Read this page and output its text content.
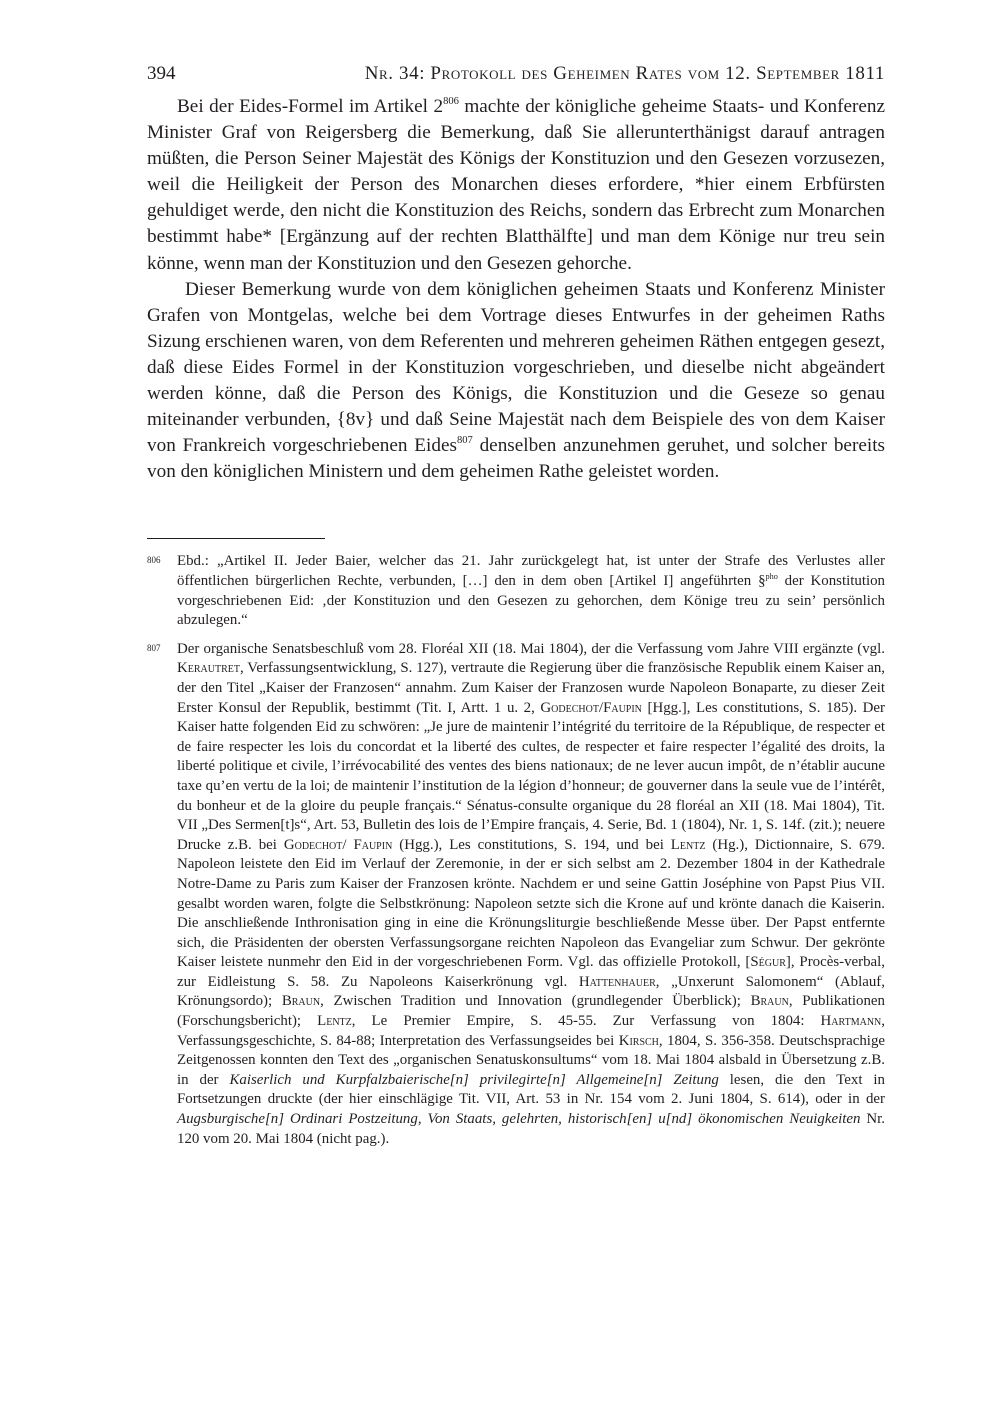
394	Nr. 34: Protokoll des Geheimen Rates vom 12. September 1811

Bei der Eides-Formel im Artikel $2^{806}$ machte der königliche geheime Staats- und Konferenz Minister Graf von Reigersberg die Bemerkung, daß Sie allerunterthänigst darauf antragen müßten, die Person Seiner Majestät des Königs der Konstituzion und den Gesezen vorzusezen, weil die Heiligkeit der Person des Monarchen dieses erfordere, *hier einem Erbfürsten gehuldiget werde, den nicht die Konstituzion des Reichs, sondern das Erbrecht zum Monarchen bestimmt habe* [Ergänzung auf der rechten Blatthälfte] und man dem Könige nur treu sein könne, wenn man der Konstituzion und den Gesezen gehorche.

Dieser Bemerkung wurde von dem königlichen geheimen Staats und Konferenz Minister Grafen von Montgelas, welche bei dem Vortrage dieses Entwurfes in der geheimen Raths Sizung erschienen waren, von dem Referenten und mehreren geheimen Räthen entgegen gesezt, daß diese Eides Formel in der Konstituzion vorgeschrieben, und dieselbe nicht abgeändert werden könne, daß die Person des Königs, die Konstituzion und die Geseze so genau miteinander verbunden, {8v} und daß Seine Majestät nach dem Beispiele des von dem Kaiser von Frankreich vorgeschriebenen Eides$^{807}$ denselben anzunehmen geruhet, und solcher bereits von den königlichen Ministern und dem geheimen Rathe geleistet worden.

806	Ebd.: „Artikel II. Jeder Baier, welcher das 21. Jahr zurückgelegt hat, ist unter der Strafe des Verlustes aller öffentlichen bürgerlichen Rechte, verbunden, […] den in dem oben [Artikel I] angeführten §$^{pho}$ der Konstitution vorgeschriebenen Eid: ‚der Konstituzion und den Gesezen zu gehorchen, dem Könige treu zu sein’ persönlich abzulegen.“
807	Der organische Senatsbeschluß vom 28. Floréal XII (18. Mai 1804), der die Verfassung vom Jahre VIII ergänzte (vgl. Kerautret, Verfassungsentwicklung, S. 127), vertraute die Regierung über die französische Republik einem Kaiser an, der den Titel „Kaiser der Franzosen“ annahm. Zum Kaiser der Franzosen wurde Napoleon Bonaparte, zu dieser Zeit Erster Konsul der Republik, bestimmt (Tit. I, Artt. 1 u. 2, Godechot/Faupin [Hgg.], Les constitutions, S. 185). Der Kaiser hatte folgenden Eid zu schwören: „Je jure de maintenir l’intégrité du territoire de la République, de respecter et de faire respecter les lois du concordat et la liberté des cultes, de respecter et faire respecter l’égalité des droits, la liberté politique et civile, l’irrévocabilité des ventes des biens nationaux; de ne lever aucun impôt, de n’établir aucune taxe qu’en vertu de la loi; de maintenir l’institution de la légion d’honneur; de gouverner dans la seule vue de l’intérêt, du bonheur et de la gloire du peuple français.“ Sénatus-consulte organique du 28 floréal an XII (18. Mai 1804), Tit. VII „Des Sermen[t]s“, Art. 53, Bulletin des lois de l’Empire français, 4. Serie, Bd. 1 (1804), Nr. 1, S. 14f. (zit.); neuere Drucke z.B. bei Godechot/ Faupin (Hgg.), Les constitutions, S. 194, und bei Lentz (Hg.), Dictionnaire, S. 679. Napoleon leistete den Eid im Verlauf der Zeremonie, in der er sich selbst am 2. Dezember 1804 in der Kathedrale Notre-Dame zu Paris zum Kaiser der Franzosen krönte. Nachdem er und seine Gattin Joséphine von Papst Pius VII. gesalbt worden waren, folgte die Selbstkrönung: Napoleon setzte sich die Krone auf und krönte danach die Kaiserin. Die anschließende Inthronisation ging in eine die Krönungsliturgie beschließende Messe über. Der Papst entfernte sich, die Präsidenten der obersten Verfassungsorgane reichten Napoleon das Evangeliar zum Schwur. Der gekrönte Kaiser leistete nunmehr den Eid in der vorgeschriebenen Form. Vgl. das offizielle Protokoll, [Ségur], Procès-verbal, zur Eidleistung S. 58. Zu Napoleons Kaiserkrönung vgl. Hattenhauer, „Unxerunt Salomonem“ (Ablauf, Krönungsordo); Braun, Zwischen Tradition und Innovation (grundlegender Überblick); Braun, Publikationen (Forschungsbericht); Lentz, Le Premier Empire, S. 45-55. Zur Verfassung von 1804: Hartmann, Verfassungsgeschichte, S. 84-88; Interpretation des Verfassungseides bei Kirsch, 1804, S. 356-358. Deutschsprachige Zeitgenossen konnten den Text des „organischen Senatuskonsultums“ vom 18. Mai 1804 alsbald in Übersetzung z.B. in der Kaiserlich und Kurpfalzbaierische[n] privilegirte[n] Allgemeine[n] Zeitung lesen, die den Text in Fortsetzungen druckte (der hier einschlägige Tit. VII, Art. 53 in Nr. 154 vom 2. Juni 1804, S. 614), oder in der Augsburgische[n] Ordinari Postzeitung, Von Staats, gelehrten, historisch[en] u[nd] ökonomischen Neuigkeiten Nr. 120 vom 20. Mai 1804 (nicht pag.).
